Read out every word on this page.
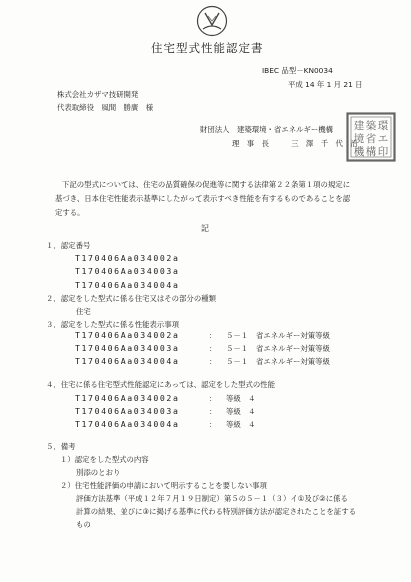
住宅型式性能認定書
IBEC 品型－KN0034
平成 14 年 1 月 21 日
株式会社カザマ技研開発
代表取締役　風間　勝廣　様
財団法人　建築環境・省エネルギー機構
理　事　長　　　三　澤　千　代　治
建 築 環
境 省 エ
機 構 印
下記の型式については、住宅の品質確保の促進等に関する法律第２２条第１項の規定に
基づき、日本住宅性能表示基準にしたがって表示すべき性能を有するものであることを認
定する。
記
１．認定番号
T170406Aa034002a
T170406Aa034003a
T170406Aa034004a
２．認定をした型式に係る住宅又はその部分の種類
住宅
３．認定をした型式に係る性能表示事項
T170406Aa034002a	： ５－１ 省エネルギー対策等級
T170406Aa034003a	： ５－１ 省エネルギー対策等級
T170406Aa034004a	： ５－１ 省エネルギー対策等級
４．住宅に係る住宅型式性能認定にあっては、認定をした型式の性能
T170406Aa034002a	： 等級　４
T170406Aa034003a	： 等級　４
T170406Aa034004a	： 等級　４
５．備考
１）認定をした型式の内容
別添のとおり
２）住宅性能評価の申請において明示することを要しない事項
評価方法基準（平成１２年７月１９日制定）第５の５－１（３）イ①及び②に係る
計算の結果、並びに③に掲げる基準に代わる特別評価方法が認定されたことを証する
もの
